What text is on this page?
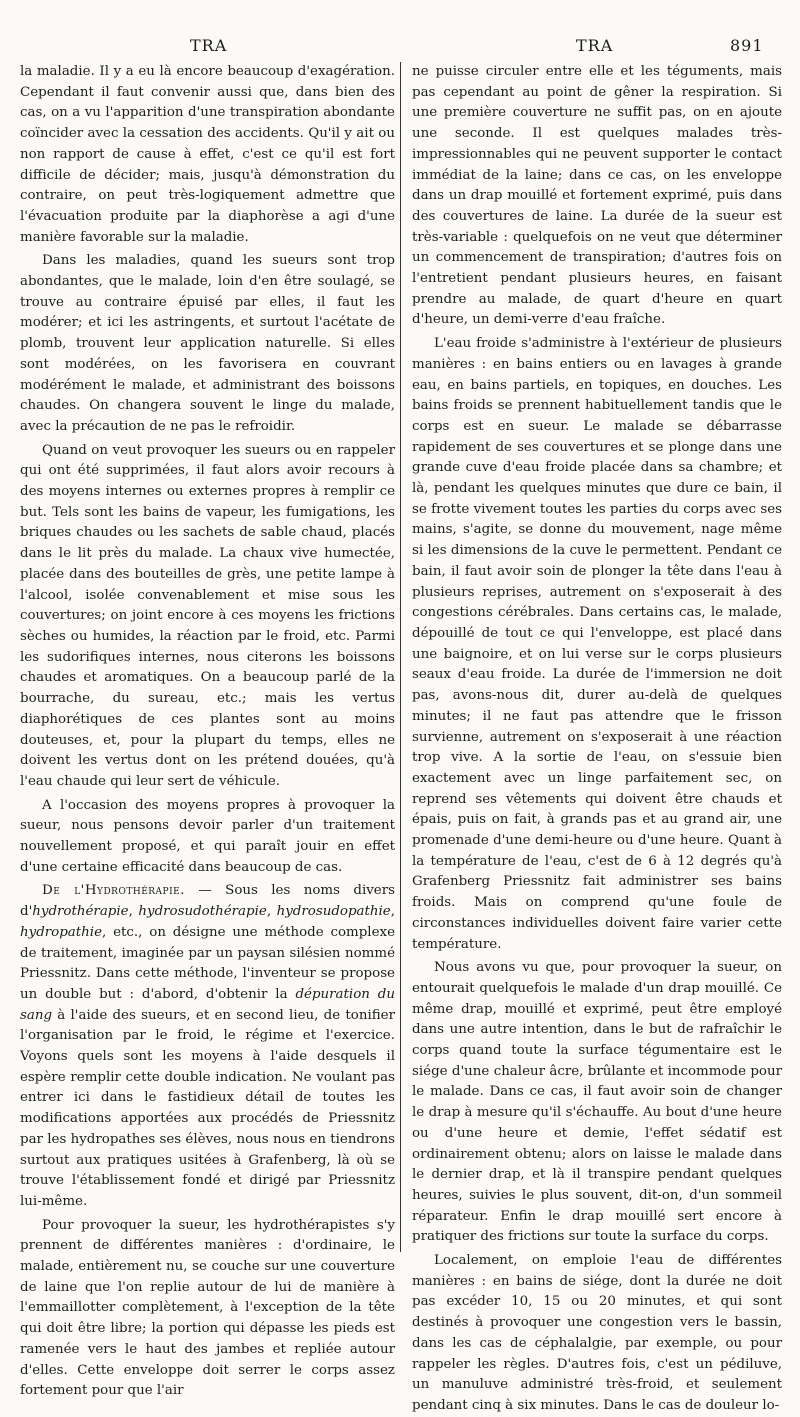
TRA	TRA	891

la maladie. Il y a eu là encore beaucoup d'exagération. Cependant il faut convenir aussi que, dans bien des cas, on a vu l'apparition d'une transpiration abondante coïncider avec la cessation des accidents. Qu'il y ait ou non rapport de cause à effet, c'est ce qu'il est fort difficile de décider; mais, jusqu'à démonstration du contraire, on peut très-logiquement admettre que l'évacuation produite par la diaphorèse a agi d'une manière favorable sur la maladie.

Dans les maladies, quand les sueurs sont trop abondantes, que le malade, loin d'en être soulagé, se trouve au contraire épuisé par elles, il faut les modérer; et ici les astringents, et surtout l'acétate de plomb, trouvent leur application naturelle. Si elles sont modérées, on les favorisera en couvrant modérément le malade, et administrant des boissons chaudes. On changera souvent le linge du malade, avec la précaution de ne pas le refroidir.

Quand on veut provoquer les sueurs ou en rappeler qui ont été supprimées, il faut alors avoir recours à des moyens internes ou externes propres à remplir ce but. Tels sont les bains de vapeur, les fumigations, les briques chaudes ou les sachets de sable chaud, placés dans le lit près du malade. La chaux vive humectée, placée dans des bouteilles de grès, une petite lampe à l'alcool, isolée convenablement et mise sous les couvertures; on joint encore à ces moyens les frictions sèches ou humides, la réaction par le froid, etc. Parmi les sudorifiques internes, nous citerons les boissons chaudes et aromatiques. On a beaucoup parlé de la bourrache, du sureau, etc.; mais les vertus diaphorétiques de ces plantes sont au moins douteuses, et, pour la plupart du temps, elles ne doivent les vertus dont on les prétend douées, qu'à l'eau chaude qui leur sert de véhicule.

A l'occasion des moyens propres à provoquer la sueur, nous pensons devoir parler d'un traitement nouvellement proposé, et qui paraît jouir en effet d'une certaine efficacité dans beaucoup de cas.

De l'Hydrothérapie. — Sous les noms divers d'hydrothérapie, hydrosudothérapie, hydrosudopathie, hydropathie, etc., on désigne une méthode complexe de traitement, imaginée par un paysan silésien nommé Priessnitz. Dans cette méthode, l'inventeur se propose un double but : d'abord, d'obtenir la dépuration du sang à l'aide des sueurs, et en second lieu, de tonifier l'organisation par le froid, le régime et l'exercice. Voyons quels sont les moyens à l'aide desquels il espère remplir cette double indication. Ne voulant pas entrer ici dans le fastidieux détail de toutes les modifications apportées aux procédés de Priessnitz par les hydropathes ses élèves, nous nous en tiendrons surtout aux pratiques usitées à Grafenberg, là où se trouve l'établissement fondé et dirigé par Priessnitz lui-même.

Pour provoquer la sueur, les hydrothérapistes s'y prennent de différentes manières : d'ordinaire, le malade, entièrement nu, se couche sur une couverture de laine que l'on replie autour de lui de manière à l'emmaillotter complètement, à l'exception de la tête qui doit être libre; la portion qui dépasse les pieds est ramenée vers le haut des jambes et repliée autour d'elles. Cette enveloppe doit serrer le corps assez fortement pour que l'air

ne puisse circuler entre elle et les téguments, mais pas cependant au point de gêner la respiration. Si une première couverture ne suffit pas, on en ajoute une seconde. Il est quelques malades très-impressionnables qui ne peuvent supporter le contact immédiat de la laine; dans ce cas, on les enveloppe dans un drap mouillé et fortement exprimé, puis dans des couvertures de laine. La durée de la sueur est très-variable : quelquefois on ne veut que déterminer un commencement de transpiration; d'autres fois on l'entretient pendant plusieurs heures, en faisant prendre au malade, de quart d'heure en quart d'heure, un demi-verre d'eau fraîche.

L'eau froide s'administre à l'extérieur de plusieurs manières : en bains entiers ou en lavages à grande eau, en bains partiels, en topiques, en douches. Les bains froids se prennent habituellement tandis que le corps est en sueur. Le malade se débarrasse rapidement de ses couvertures et se plonge dans une grande cuve d'eau froide placée dans sa chambre; et là, pendant les quelques minutes que dure ce bain, il se frotte vivement toutes les parties du corps avec ses mains, s'agite, se donne du mouvement, nage même si les dimensions de la cuve le permettent. Pendant ce bain, il faut avoir soin de plonger la tête dans l'eau à plusieurs reprises, autrement on s'exposerait à des congestions cérébrales. Dans certains cas, le malade, dépouillé de tout ce qui l'enveloppe, est placé dans une baignoire, et on lui verse sur le corps plusieurs seaux d'eau froide. La durée de l'immersion ne doit pas, avons-nous dit, durer au-delà de quelques minutes; il ne faut pas attendre que le frisson survienne, autrement on s'exposerait à une réaction trop vive. A la sortie de l'eau, on s'essuie bien exactement avec un linge parfaitement sec, on reprend ses vêtements qui doivent être chauds et épais, puis on fait, à grands pas et au grand air, une promenade d'une demi-heure ou d'une heure. Quant à la température de l'eau, c'est de 6 à 12 degrés qu'à Grafenberg Priessnitz fait administrer ses bains froids. Mais on comprend qu'une foule de circonstances individuelles doivent faire varier cette température.

Nous avons vu que, pour provoquer la sueur, on entourait quelquefois le malade d'un drap mouillé. Ce même drap, mouillé et exprimé, peut être employé dans une autre intention, dans le but de rafraîchir le corps quand toute la surface tégumentaire est le siége d'une chaleur âcre, brûlante et incommode pour le malade. Dans ce cas, il faut avoir soin de changer le drap à mesure qu'il s'échauffe. Au bout d'une heure ou d'une heure et demie, l'effet sédatif est ordinairement obtenu; alors on laisse le malade dans le dernier drap, et là il transpire pendant quelques heures, suivies le plus souvent, dit-on, d'un sommeil réparateur. Enfin le drap mouillé sert encore à pratiquer des frictions sur toute la surface du corps.

Localement, on emploie l'eau de différentes manières : en bains de siége, dont la durée ne doit pas excéder 10, 15 ou 20 minutes, et qui sont destinés à provoquer une congestion vers le bassin, dans les cas de céphalalgie, par exemple, ou pour rappeler les règles. D'autres fois, c'est un pédiluve, un manuluve administré très-froid, et seulement pendant cinq à six minutes. Dans le cas de douleur lo-
